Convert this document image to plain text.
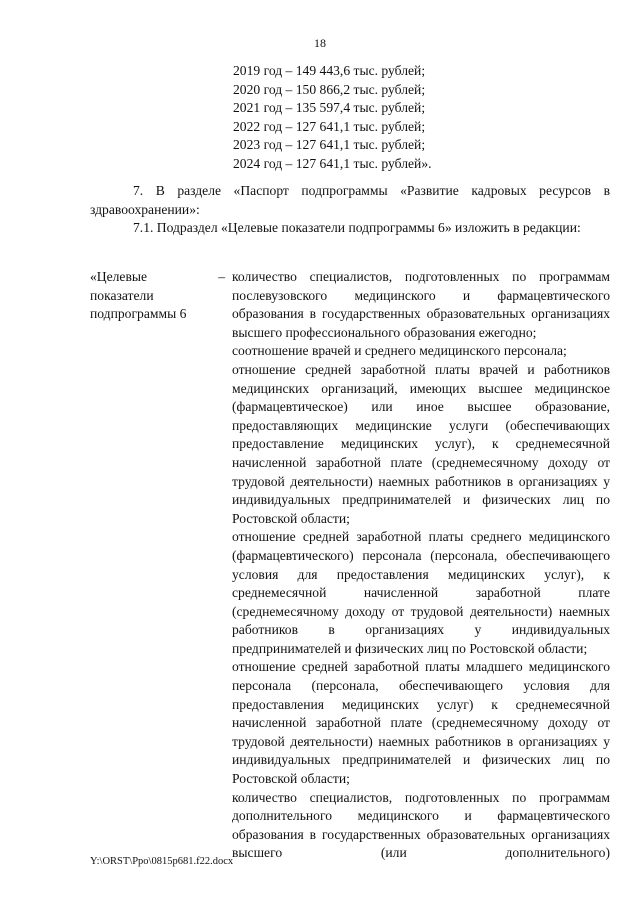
18
2019 год – 149 443,6 тыс. рублей;
2020 год – 150 866,2 тыс. рублей;
2021 год – 135 597,4 тыс. рублей;
2022 год – 127 641,1 тыс. рублей;
2023 год – 127 641,1 тыс. рублей;
2024 год – 127 641,1 тыс. рублей».
7. В разделе «Паспорт подпрограммы «Развитие кадровых ресурсов в здравоохранении»:
7.1. Подраздел «Целевые показатели подпрограммы 6» изложить в редакции:
«Целевые показатели подпрограммы 6
– количество специалистов, подготовленных по программам послевузовского медицинского и фармацевтического образования в государственных образовательных организациях высшего профессионального образования ежегодно;
соотношение врачей и среднего медицинского персонала;
отношение средней заработной платы врачей и работников медицинских организаций, имеющих высшее медицинское (фармацевтическое) или иное высшее образование, предоставляющих медицинские услуги (обеспечивающих предоставление медицинских услуг), к среднемесячной начисленной заработной плате (среднемесячному доходу от трудовой деятельности) наемных работников в организациях у индивидуальных предпринимателей и физических лиц по Ростовской области;
отношение средней заработной платы среднего медицинского (фармацевтического) персонала (персонала, обеспечивающего условия для предоставления медицинских услуг), к среднемесячной начисленной заработной плате (среднемесячному доходу от трудовой деятельности) наемных работников в организациях у индивидуальных предпринимателей и физических лиц по Ростовской области;
отношение средней заработной платы младшего медицинского персонала (персонала, обеспечивающего условия для предоставления медицинских услуг) к среднемесячной начисленной заработной плате (среднемесячному доходу от трудовой деятельности) наемных работников в организациях у индивидуальных предпринимателей и физических лиц по Ростовской области;
количество специалистов, подготовленных по программам дополнительного медицинского и фармацевтического образования в государственных образовательных организациях высшего (или дополнительного)
Y:\ORST\Ppo\0815p681.f22.docx
